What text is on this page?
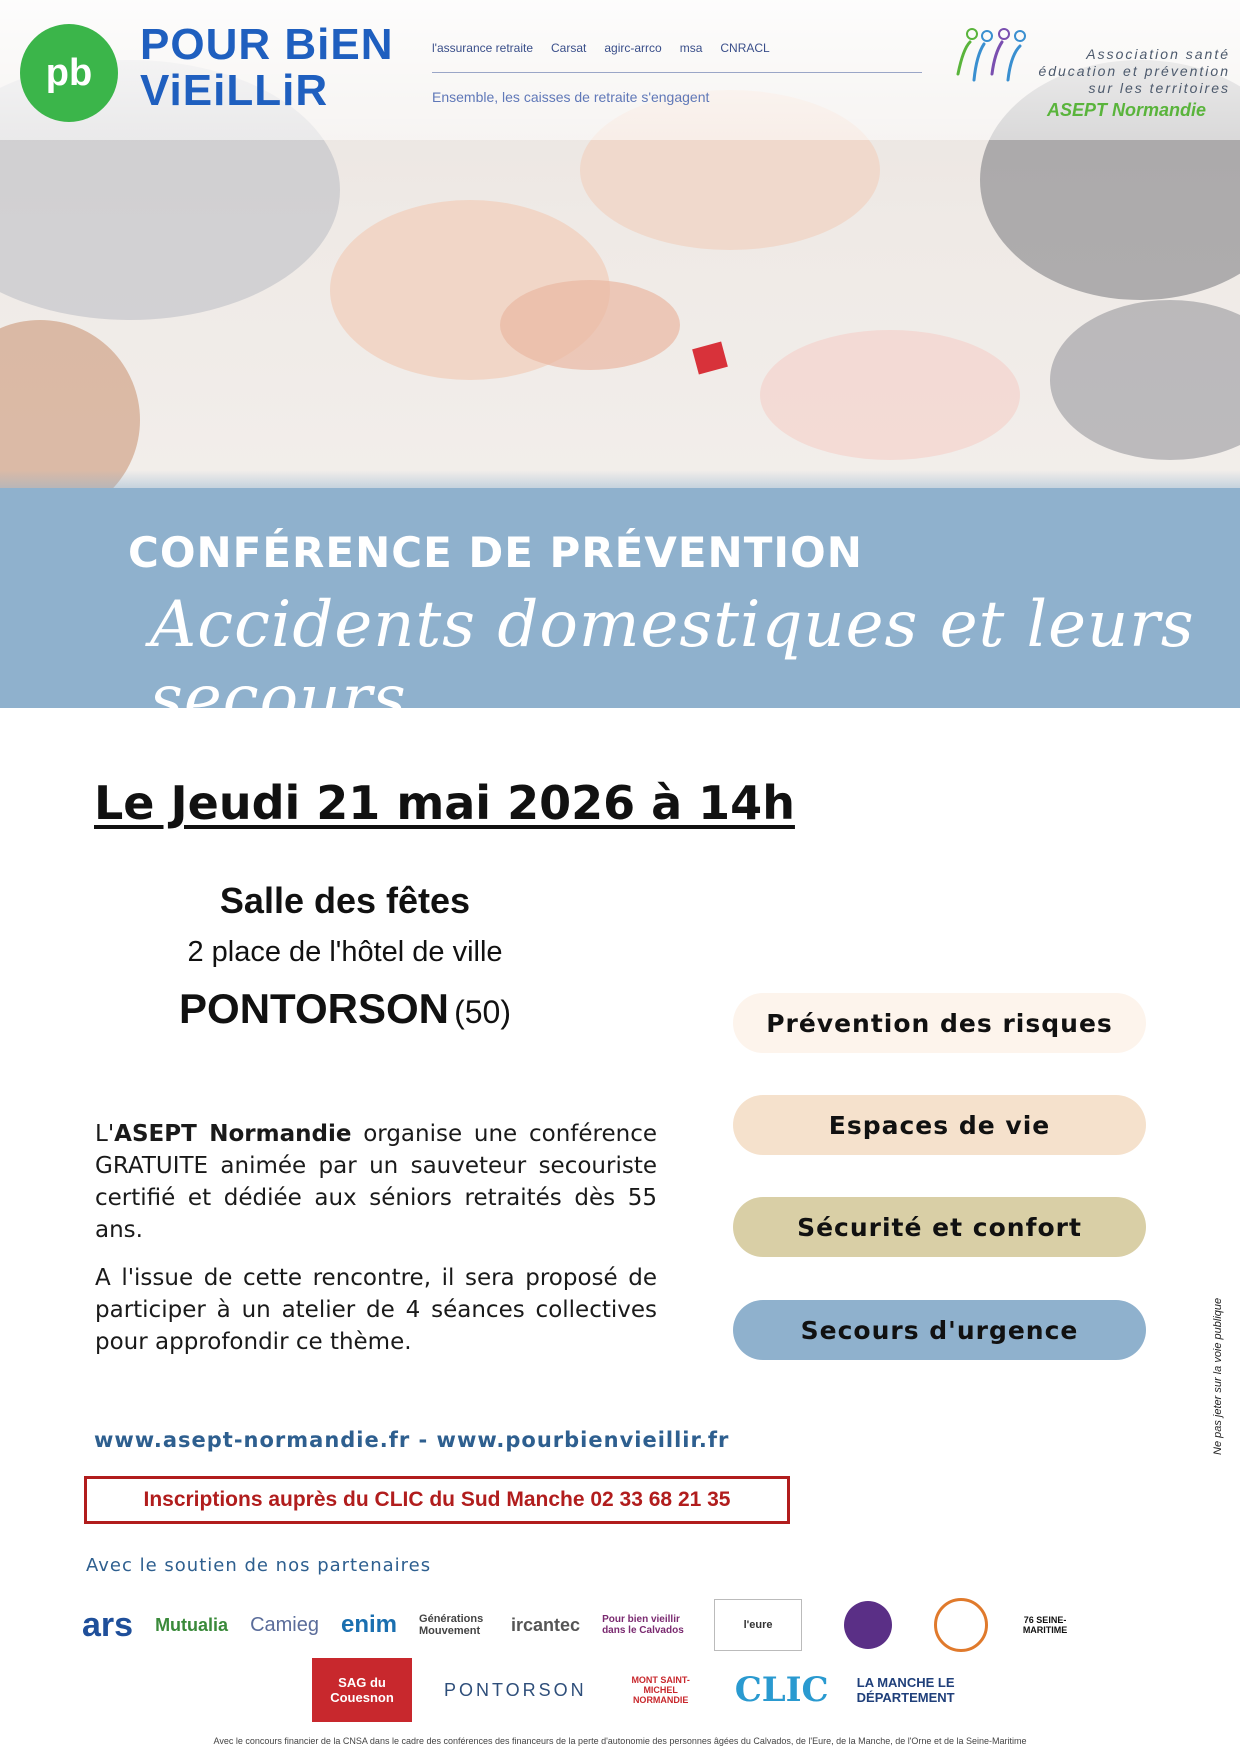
pb
POUR BiEN
ViEiLLiR
l'assurance retraite Carsat agirc-arrco msa CNRACL
Ensemble, les caisses de retraite s'engagent
Association santé
éducation et prévention
sur les territoires
ASEPT Normandie
CONFÉRENCE DE PRÉVENTION
Accidents domestiques et leurs secours
Le Jeudi 21 mai 2026 à 14h
Salle des fêtes
2 place de l'hôtel de ville
PONTORSON (50)

L'ASEPT Normandie organise une conférence GRATUITE animée par un sauveteur secouriste certifié et dédiée aux séniors retraités dès 55 ans.

A l'issue de cette rencontre, il sera proposé de participer à un atelier de 4 séances collectives pour approfondir ce thème.

Prévention des risques
Espaces de vie
Sécurité et confort
Secours d'urgence	Ne pas jeter sur la voie publique
www.asept-normandie.fr - www.pourbienvieillir.fr
Inscriptions auprès du CLIC du Sud Manche 02 33 68 21 35
Avec le soutien de nos partenaires
ars Mutualia Camieg enim Générations Mouvement	ircantec Pour bien vieillir dans le Calvados	l'eure	76 SEINE-MARITIME
SAG du Couesnon	PONTORSON	MONT SAINT-MICHEL NORMANDIE	CLIC LA MANCHE LE DÉPARTEMENT
Avec le concours financier de la CNSA dans le cadre des conférences des financeurs de la perte d'autonomie des personnes âgées du Calvados, de l'Eure, de la Manche, de l'Orne et de la Seine-Maritime
